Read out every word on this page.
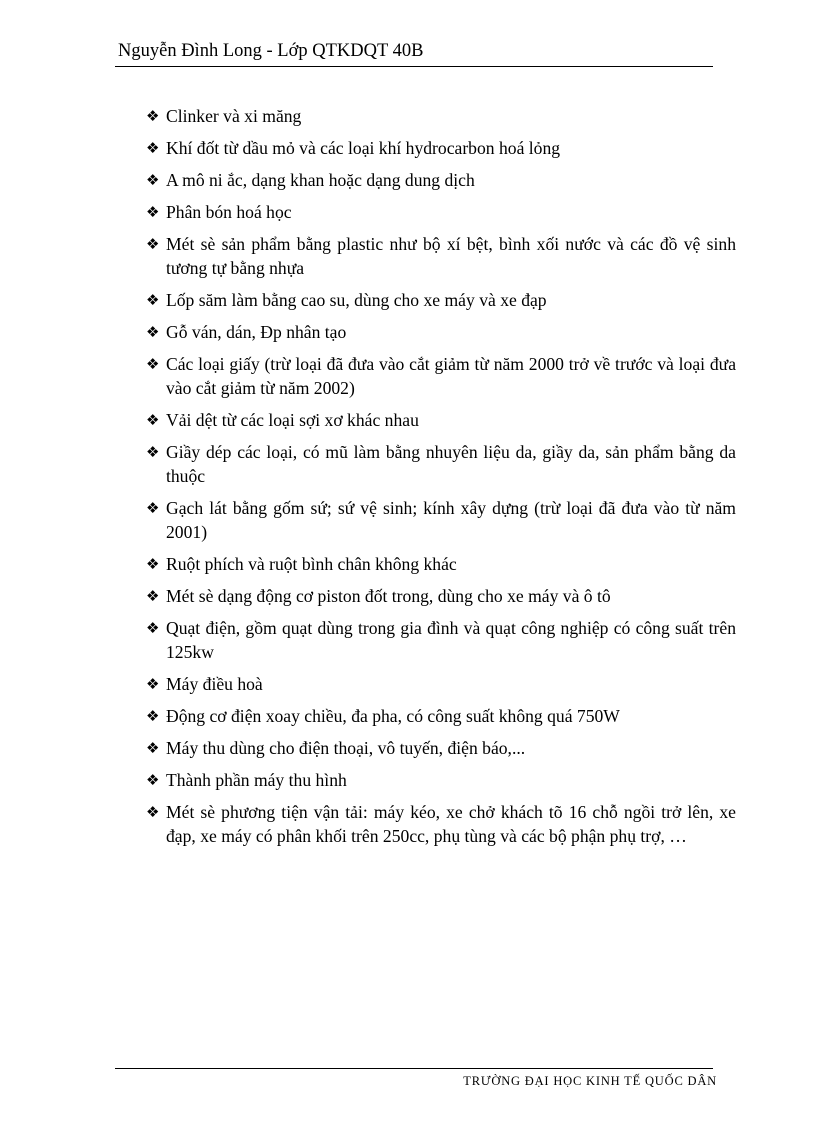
Nguyễn Đình Long - Lớp QTKDQT 40B
❖ Clinker và xi măng
❖ Khí đốt từ dầu mỏ và các loại khí hydrocarbon hoá lỏng
❖ A mô ni ắc, dạng khan hoặc dạng dung dịch
❖ Phân bón hoá học
❖ Mét sè sản phẩm bằng plastic như bộ xí bệt, bình xối nước và các đồ vệ sinh tương tự bằng nhựa
❖ Lốp săm làm bằng cao su, dùng cho xe máy và xe đạp
❖ Gỗ ván, dán, Đp nhân tạo
❖ Các loại giấy (trừ loại đã đưa vào cắt giảm từ năm 2000 trở về trước và loại đưa vào cắt giảm từ năm 2002)
❖ Vải dệt từ các loại sợi xơ khác nhau
❖ Giầy dép các loại, có mũ làm bằng nhuyên liệu da, giầy da, sản phẩm bằng da thuộc
❖ Gạch lát bằng gốm sứ; sứ vệ sinh; kính xây dựng (trừ loại đã đưa vào từ năm 2001)
❖ Ruột phích và ruột bình chân không khác
❖ Mét sè dạng động cơ piston đốt trong, dùng cho xe máy và ô tô
❖ Quạt điện, gồm quạt dùng trong gia đình và quạt công nghiệp có công suất trên 125kw
❖ Máy điều hoà
❖ Động cơ điện xoay chiều, đa pha, có công suất không quá 750W
❖ Máy thu dùng cho điện thoại, vô tuyến, điện báo,...
❖ Thành phần máy thu hình
❖ Mét sè phương tiện vận tải: máy kéo, xe chở khách tõ 16 chỗ ngồi trở lên, xe đạp, xe máy có phân khối trên 250cc, phụ tùng và các bộ phận phụ trợ, …
TRƯỜNG ĐẠI HỌC KINH TẾ QUỐC DÂN
